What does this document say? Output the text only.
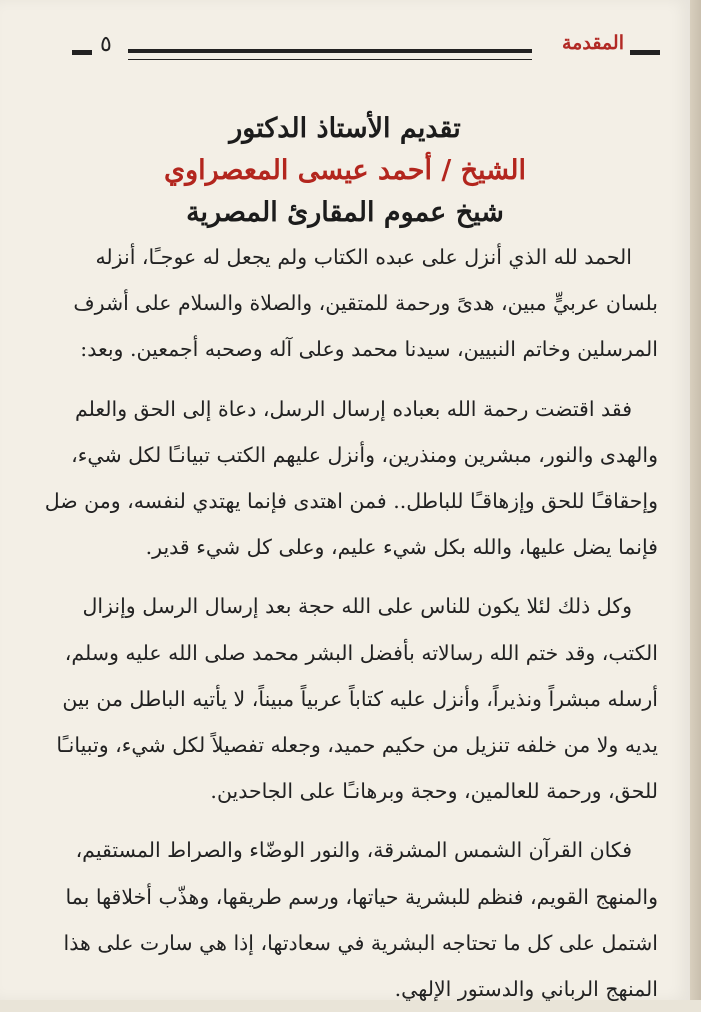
المقدمة
٥

تقديم الأستاذ الدكتور

الشيخ / أحمد عيسى المعصراوي

شيخ عموم المقارئ المصرية

الحمد لله الذي أنزل على عبده الكتاب ولم يجعل له عوجـًا، أنزله

بلسان عربيٍّ مبين، هدىً ورحمة للمتقين، والصلاة والسلام على أشرف

المرسلين وخاتم النبيين، سيدنا محمد وعلى آله وصحبه أجمعين. وبعد:

فقد اقتضت رحمة الله بعباده إرسال الرسل، دعاة إلى الحق والعلم

والهدى والنور، مبشرين ومنذرين، وأنزل عليهم الكتب تبيانـًا لكل شيء،

وإحقاقـًا للحق وإزهاقـًا للباطل.. فمن اهتدى فإنما يهتدي لنفسه، ومن ضل

فإنما يضل عليها، والله بكل شيء عليم، وعلى كل شيء قدير.

وكل ذلك لئلا يكون للناس على الله حجة بعد إرسال الرسل وإنزال

الكتب، وقد ختم الله رسالاته بأفضل البشر محمد صلى الله عليه وسلم،

أرسله مبشراً ونذيراً، وأنزل عليه كتاباً عربياً مبيناً، لا يأتيه الباطل من بين

يديه ولا من خلفه تنزيل من حكيم حميد، وجعله تفصيلاً لكل شيء، وتبيانـًا

للحق، ورحمة للعالمين، وحجة وبرهانـًا على الجاحدين.

فكان القرآن الشمس المشرقة، والنور الوضّاء والصراط المستقيم،

والمنهج القويم، فنظم للبشرية حياتها، ورسم طريقها، وهذّب أخلاقها بما

اشتمل على كل ما تحتاجه البشرية في سعادتها، إذا هي سارت على هذا

المنهج الرباني والدستور الإلهي.
